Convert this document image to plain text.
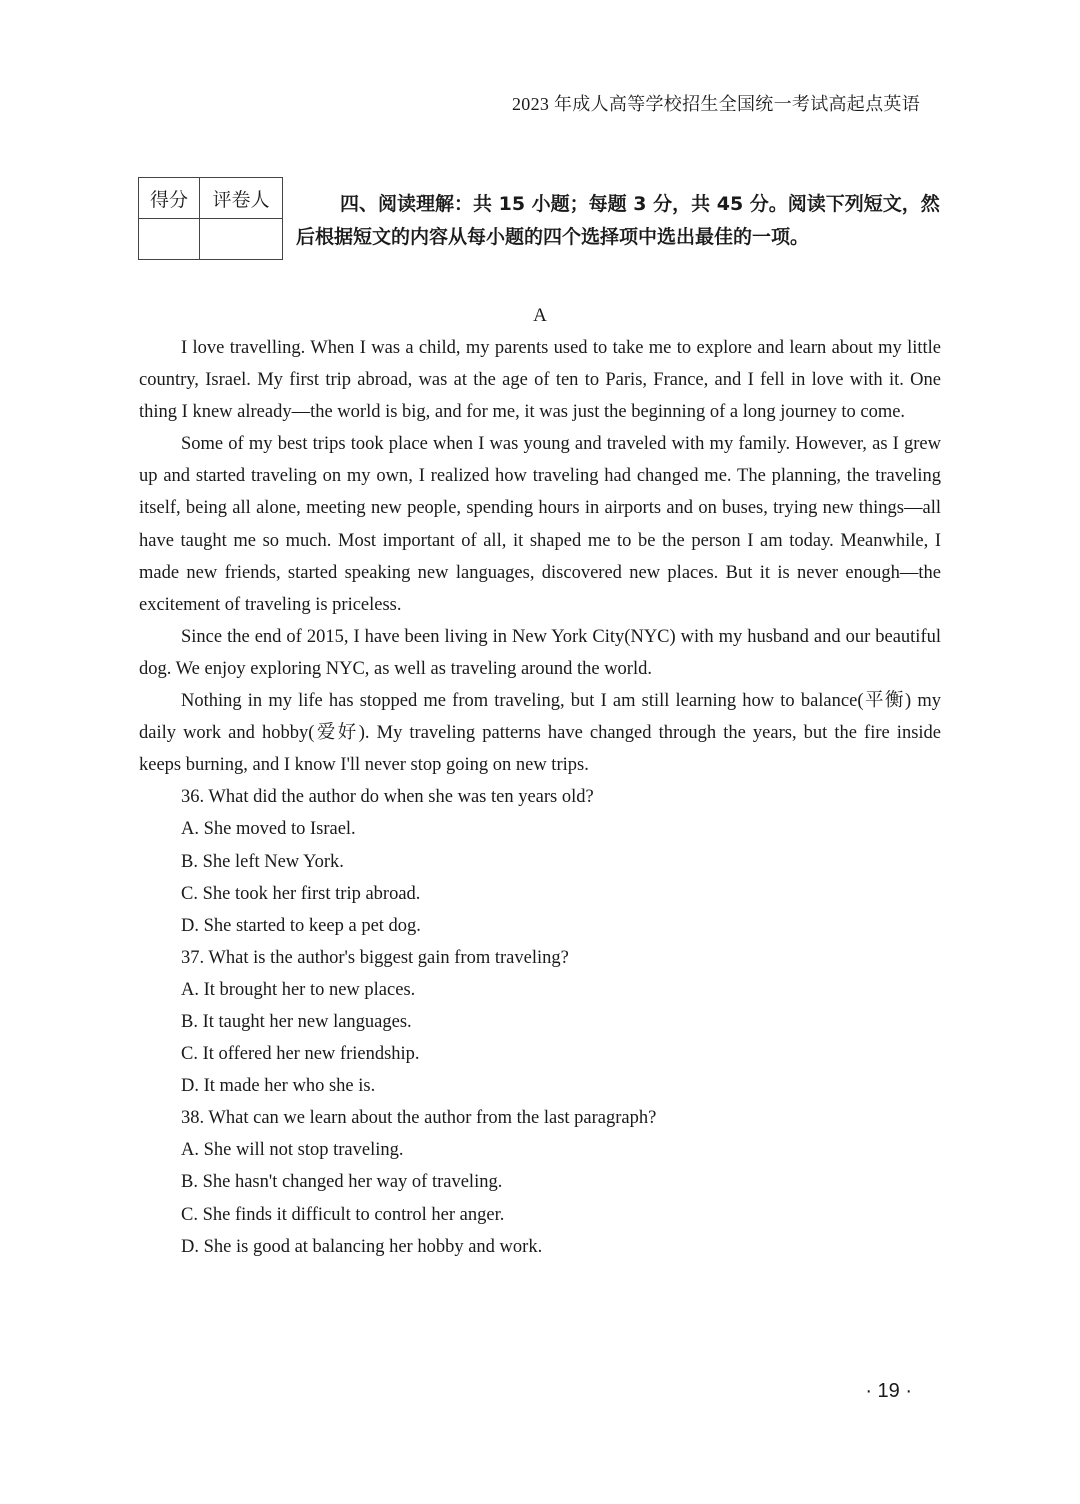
2023 年成人高等学校招生全国统一考试高起点英语
得分	评卷人
		四、阅读理解：共 15 小题；每题 3 分，共 45 分。阅读下列短文，然
后根据短文的内容从每小题的四个选择项中选出最佳的一项。
A

I love travelling. When I was a child, my parents used to take me to explore and learn about my little country, Israel. My first trip abroad, was at the age of ten to Paris, France, and I fell in love with it. One thing I knew already—the world is big, and for me, it was just the beginning of a long journey to come.

Some of my best trips took place when I was young and traveled with my family. However, as I grew up and started traveling on my own, I realized how traveling had changed me. The planning, the traveling itself, being all alone, meeting new people, spending hours in airports and on buses, trying new things—all have taught me so much. Most important of all, it shaped me to be the person I am today. Meanwhile, I made new friends, started speaking new languages, discovered new places. But it is never enough—the excitement of traveling is priceless.

Since the end of 2015, I have been living in New York City(NYC) with my husband and our beautiful dog. We enjoy exploring NYC, as well as traveling around the world.

Nothing in my life has stopped me from traveling, but I am still learning how to balance(平衡) my daily work and hobby(爱好). My traveling patterns have changed through the years, but the fire inside keeps burning, and I know I'll never stop going on new trips.

36. What did the author do when she was ten years old?
A. She moved to Israel.
B. She left New York.
C. She took her first trip abroad.
D. She started to keep a pet dog.
37. What is the author's biggest gain from traveling?
A. It brought her to new places.
B. It taught her new languages.
C. It offered her new friendship.
D. It made her who she is.
38. What can we learn about the author from the last paragraph?
A. She will not stop traveling.
B. She hasn't changed her way of traveling.
C. She finds it difficult to control her anger.
D. She is good at balancing her hobby and work.
· 19 ·
